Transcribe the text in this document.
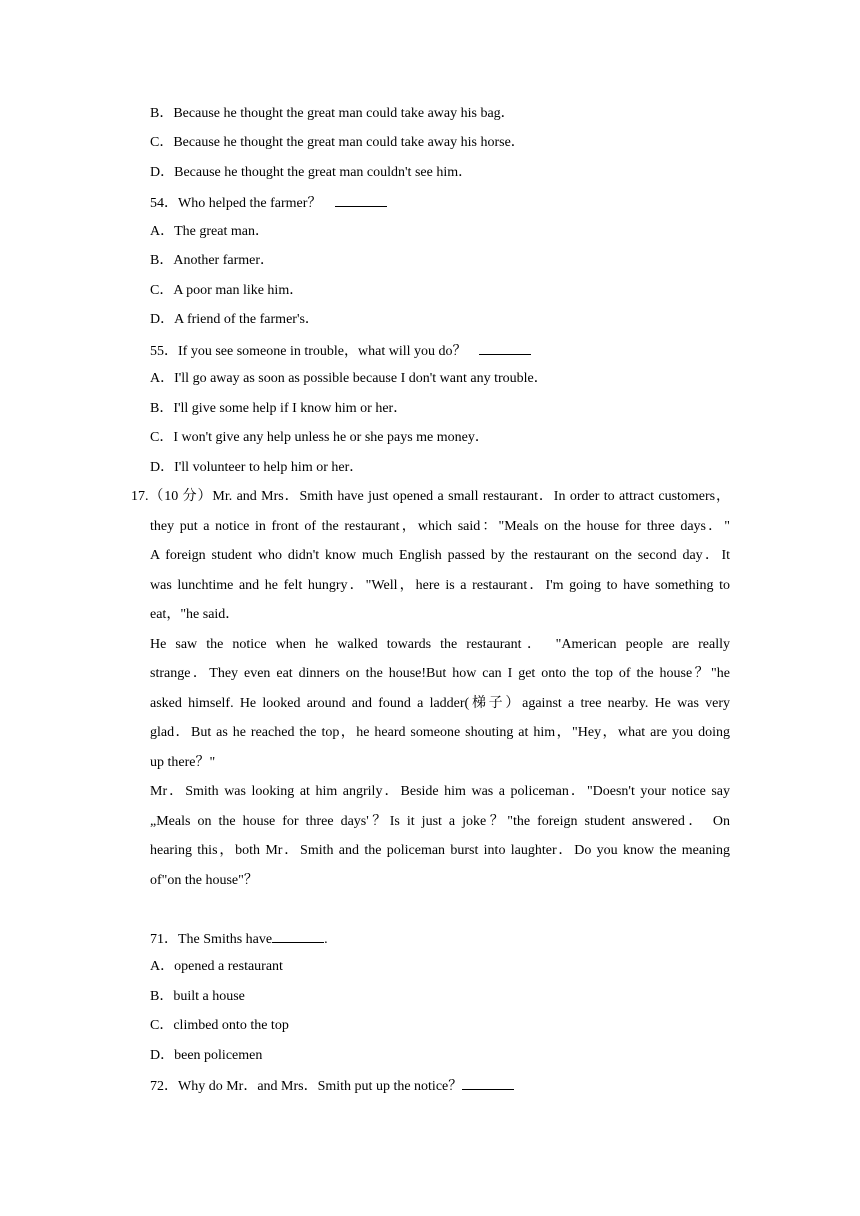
B．Because he thought the great man could take away his bag．
C．Because he thought the great man could take away his horse．
D．Because he thought the great man couldn't see him．
54．Who helped the farmer？
A．The great man．
B．Another farmer．
C．A poor man like him．
D．A friend of the farmer's．
55．If you see someone in trouble，what will you do？
A．I'll go away as soon as possible because I don't want any trouble．
B．I'll give some help if I know him or her．
C．I won't give any help unless he or she pays me money．
D．I'll volunteer to help him or her．
17.（10 分）Mr. and Mrs．Smith have just opened a small restaurant．In order to attract customers，
they put a notice in front of the restaurant，which said："Meals on the house for three days．"
A foreign student who didn't know much English passed by the restaurant on the second day．It
was lunchtime and he felt hungry．"Well，here is a restaurant．I'm going to have something to
eat，"he said．
He saw the notice when he walked towards the restaurant． "American people are really
strange．They even eat dinners on the house!But how can I get onto the top of the house？"he
asked himself. He looked around and found a ladder(梯子）against a tree nearby. He was very
glad．But as he reached the top，he heard someone shouting at him，"Hey，what are you doing
up there？"
Mr．Smith was looking at him angrily．Beside him was a policeman．"Doesn't your notice say
„Meals on the house for three days'？Is it just a joke？"the foreign student answered． On
hearing this，both Mr．Smith and the policeman burst into laughter．Do you know the meaning
of"on the house"？
71．The Smiths have	.
A．opened a restaurant
B．built a house
C．climbed onto the top
D．been policemen
72．Why do Mr．and Mrs．Smith put up the notice？
